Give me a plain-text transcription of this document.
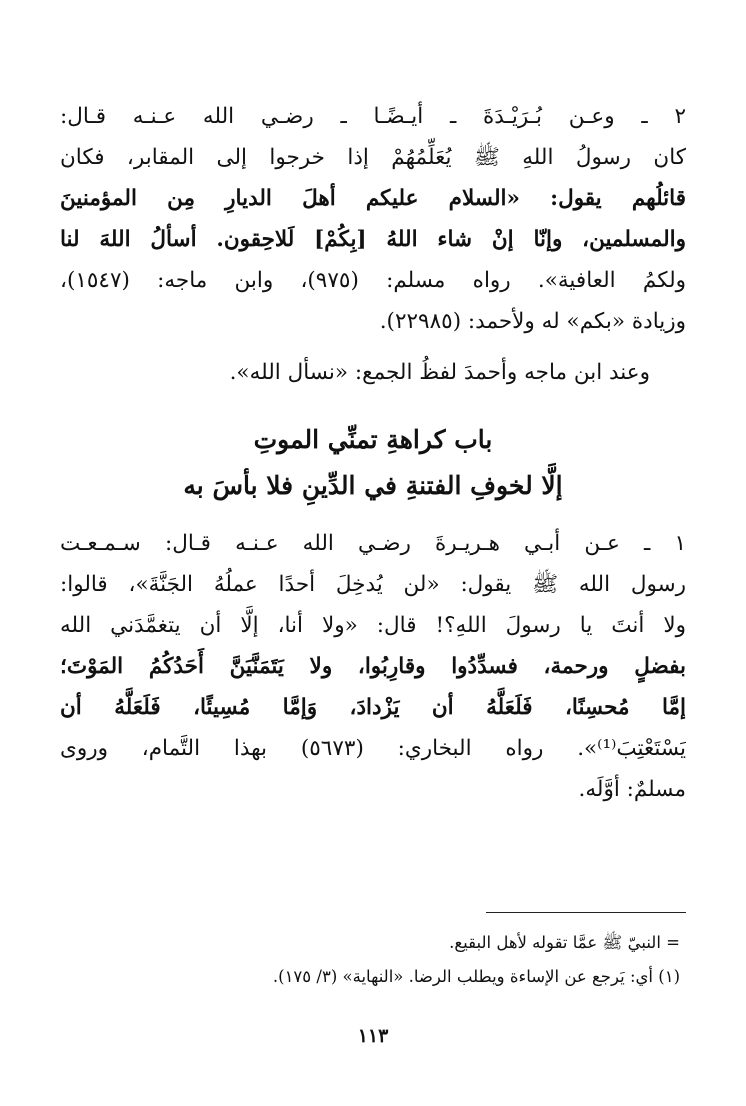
٢ ـ وعـن بُـرَيْـدَةَ ـ أيـضًـا ـ رضـي الله عـنـه قـال:
كان رسولُ اللهِ ﷺ يُعَلِّمُهُمْ إذا خرجوا إلى المقابر، فكان
قائلُهم يقول: «السلام عليكم أهلَ الديارِ مِن المؤمنينَ
والمسلمين، وإنّا إنْ شاء اللهُ [بِكُمْ] لَلاحِقون. أسألُ اللهَ لنا
ولكمُ العافية». رواه مسلم: (٩٧٥)، وابن ماجه: (١٥٤٧)،
وزيادة «بكم» له ولأحمد: (٢٢٩٨٥).
وعند ابن ماجه وأحمدَ لفظُ الجمع: «نسأل الله».
باب كراهةِ تمنِّي الموتِ
إلَّا لخوفِ الفتنةِ في الدِّينِ فلا بأسَ به
١ ـ عـن أبـي هـريـرةَ رضـي الله عـنـه قـال: سـمـعـت
رسول الله ﷺ يقول: «لن يُدخِلَ أحدًا عملُهُ الجَنَّةَ»، قالوا:
ولا أنتَ يا رسولَ اللهِ؟! قال: «ولا أنا، إلَّا أن يتغمَّدَني الله
بفضلٍ ورحمة، فسدِّدُوا وقارِبُوا، ولا يَتَمَنَّيَنَّ أَحَدُكُمُ المَوْتَ؛
إمَّا مُحسِنًا، فَلَعَلَّهُ أن يَزْدادَ، وَإمَّا مُسِيئًا، فَلَعَلَّهُ أن
يَسْتَعْتِبَ⁽¹⁾». رواه البخاري: (٥٦٧٣) بهذا التَّمام، وروى
مسلمٌ: أوَّلَه.
= النبيّ ﷺ عمَّا تقوله لأهل البقيع.
(١) أي: يَرجع عن الإساءة ويطلب الرضا. «النهاية» (٣/ ١٧٥).
١١٣
